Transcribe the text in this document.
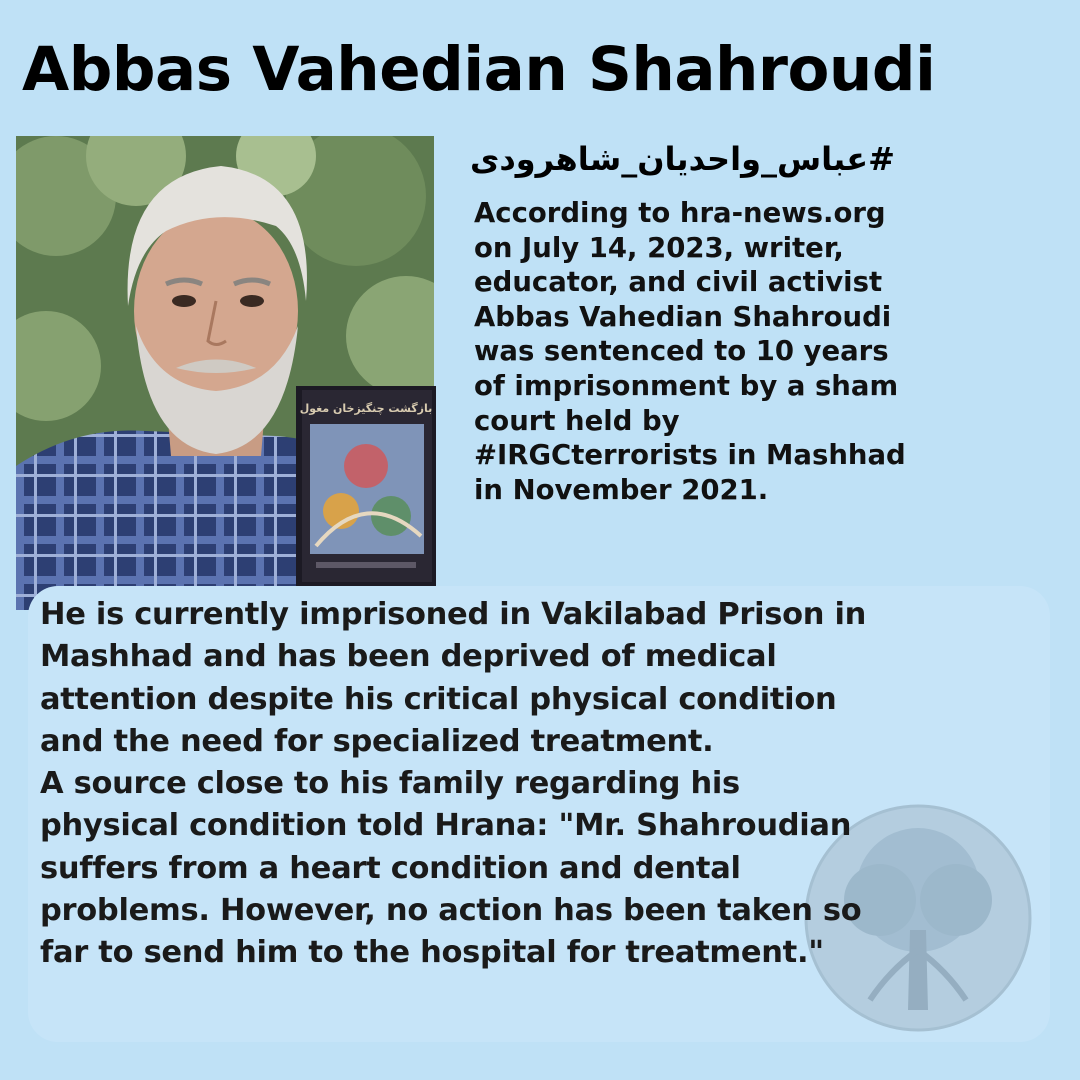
Abbas Vahedian Shahroudi
بازگشت چنگیزخان مغول
#عباس_واحدیان_شاهرودی
According to hra-news.org
on July 14, 2023, writer,
educator, and civil activist
Abbas Vahedian Shahroudi
was sentenced to 10 years
of imprisonment by a sham
court held by
#IRGCterrorists in Mashhad
in November 2021.
He is currently imprisoned in Vakilabad Prison in
Mashhad and has been deprived of medical
attention despite his critical physical condition
and the need for specialized treatment.
A source close to his family regarding his
physical condition told Hrana: "Mr. Shahroudian
suffers from a heart condition and dental
problems. However, no action has been taken so
far to send him to the hospital for treatment."
